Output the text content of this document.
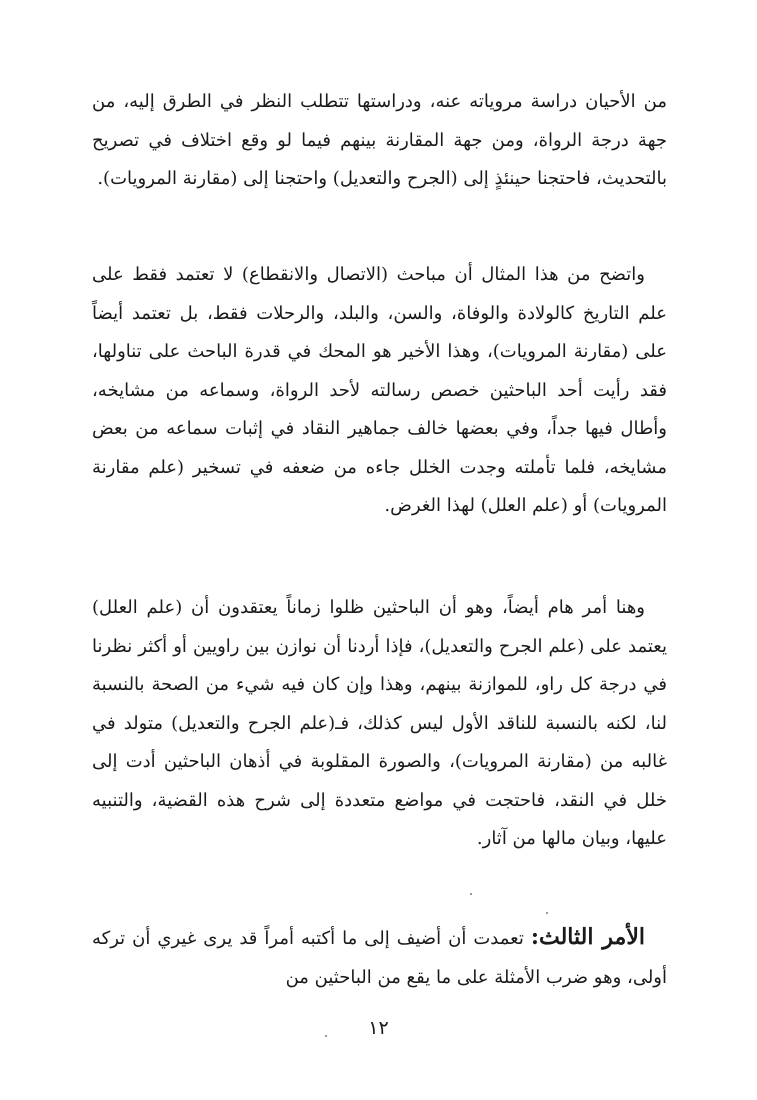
من الأحيان دراسة مروياته عنه، ودراستها تتطلب النظر في الطرق إليه، من جهة درجة الرواة، ومن جهة المقارنة بينهم فيما لو وقع اختلاف في تصريح بالتحديث، فاحتجنا حينئذٍ إلى (الجرح والتعديل) واحتجنا إلى (مقارنة المرويات).

واتضح من هذا المثال أن مباحث (الاتصال والانقطاع) لا تعتمد فقط على علم التاريخ كالولادة والوفاة، والسن، والبلد، والرحلات فقط، بل تعتمد أيضاً على (مقارنة المرويات)، وهذا الأخير هو المحك في قدرة الباحث على تناولها، فقد رأيت أحد الباحثين خصص رسالته لأحد الرواة، وسماعه من مشايخه، وأطال فيها جداً، وفي بعضها خالف جماهير النقاد في إثبات سماعه من بعض مشايخه، فلما تأملته وجدت الخلل جاءه من ضعفه في تسخير (علم مقارنة المرويات) أو (علم العلل) لهذا الغرض.

وهنا أمر هام أيضاً، وهو أن الباحثين ظلوا زماناً يعتقدون أن (علم العلل) يعتمد على (علم الجرح والتعديل)، فإذا أردنا أن نوازن بين راويين أو أكثر نظرنا في درجة كل راو، للموازنة بينهم، وهذا وإن كان فيه شيء من الصحة بالنسبة لنا، لكنه بالنسبة للناقد الأول ليس كذلك، فـ(علم الجرح والتعديل) متولد في غالبه من (مقارنة المرويات)، والصورة المقلوبة في أذهان الباحثين أدت إلى خلل في النقد، فاحتجت في مواضع متعددة إلى شرح هذه القضية، والتنبيه عليها، وبيان مالها من آثار.

الأمر الثالث: تعمدت أن أضيف إلى ما أكتبه أمراً قد يرى غيري أن تركه أولى، وهو ضرب الأمثلة على ما يقع من الباحثين من

١٢
